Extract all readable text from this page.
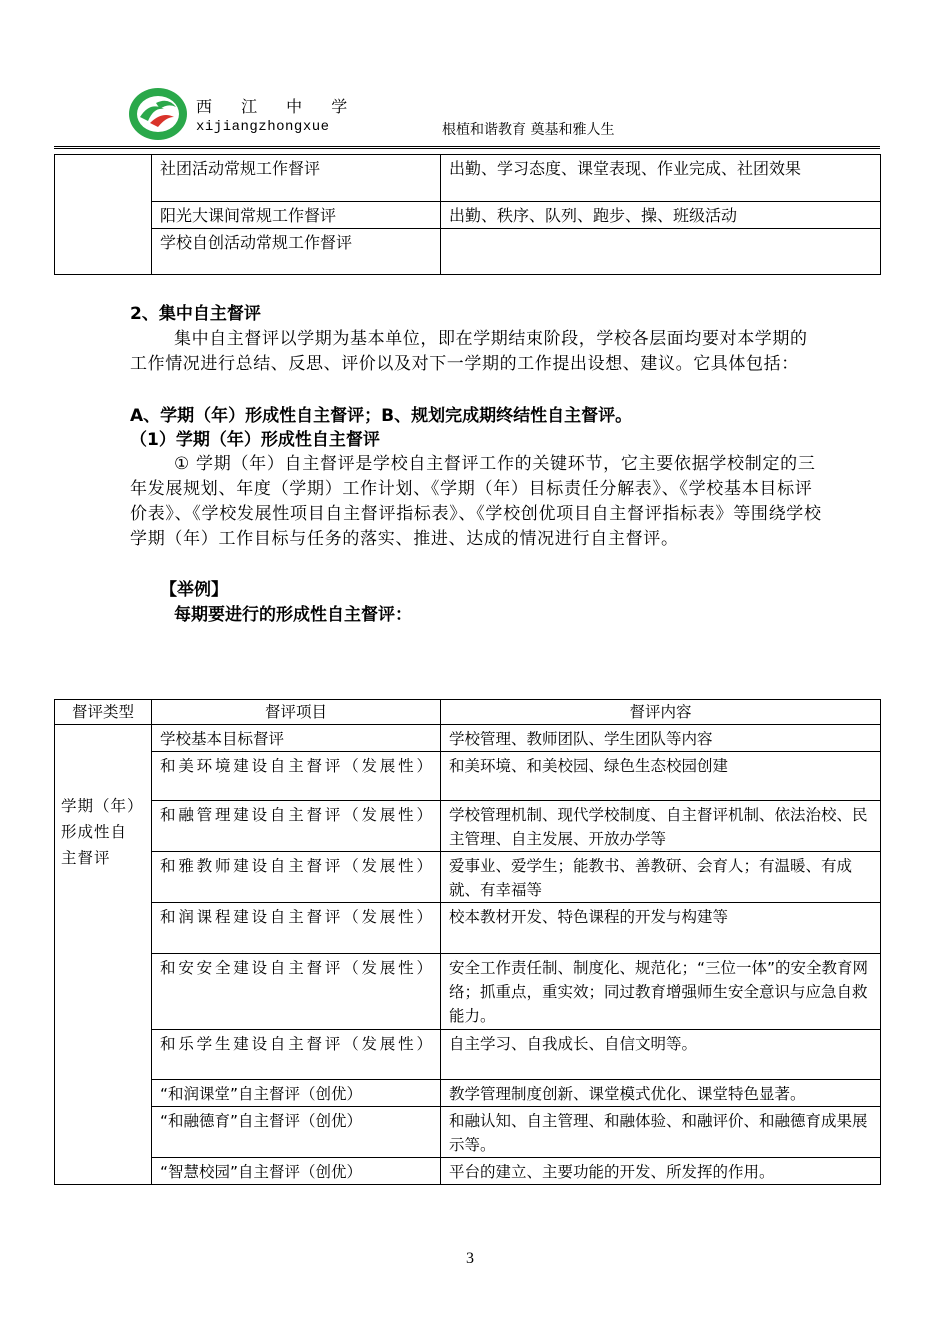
西 江 中 学
xijiangzhongxue	根植和谐教育 奠基和雅人生
	社团活动常规工作督评	出勤、学习态度、课堂表现、作业完成、社团效果
	阳光大课间常规工作督评	出勤、秩序、队列、跑步、操、班级活动
	学校自创活动常规工作督评	
2、集中自主督评
集中自主督评以学期为基本单位，即在学期结束阶段，学校各层面均要对本学期的工作情况进行总结、反思、评价以及对下一学期的工作提出设想、建议。它具体包括：
A、学期（年）形成性自主督评；B、规划完成期终结性自主督评。
（1）学期（年）形成性自主督评
① 学期（年）自主督评是学校自主督评工作的关键环节，它主要依据学校制定的三年发展规划、年度（学期）工作计划、《学期（年）目标责任分解表》、《学校基本目标评价表》、《学校发展性项目自主督评指标表》、《学校创优项目自主督评指标表》等围绕学校学期（年）工作目标与任务的落实、推进、达成的情况进行自主督评。
【举例】
每期要进行的形成性自主督评：
督评类型	督评项目	督评内容

学期（年）形成性自主督评	学校基本目标督评	学校管理、教师团队、学生团队等内容
	和美环境建设自主督评（发展性）	和美环境、和美校园、绿色生态校园创建
	和融管理建设自主督评（发展性）	学校管理机制、现代学校制度、自主督评机制、依法治校、民主管理、自主发展、开放办学等
	和雅教师建设自主督评（发展性）	爱事业、爱学生；能教书、善教研、会育人；有温暖、有成就、有幸福等
	和润课程建设自主督评（发展性）	校本教材开发、特色课程的开发与构建等
	和安安全建设自主督评（发展性）	安全工作责任制、制度化、规范化；“三位一体”的安全教育网络；抓重点，重实效；同过教育增强师生安全意识与应急自救能力。
	和乐学生建设自主督评（发展性）	自主学习、自我成长、自信文明等。
	“和润课堂”自主督评（创优）	教学管理制度创新、课堂模式优化、课堂特色显著。
	“和融德育”自主督评（创优）	和融认知、自主管理、和融体验、和融评价、和融德育成果展示等。
	“智慧校园”自主督评（创优）	平台的建立、主要功能的开发、所发挥的作用。
3
